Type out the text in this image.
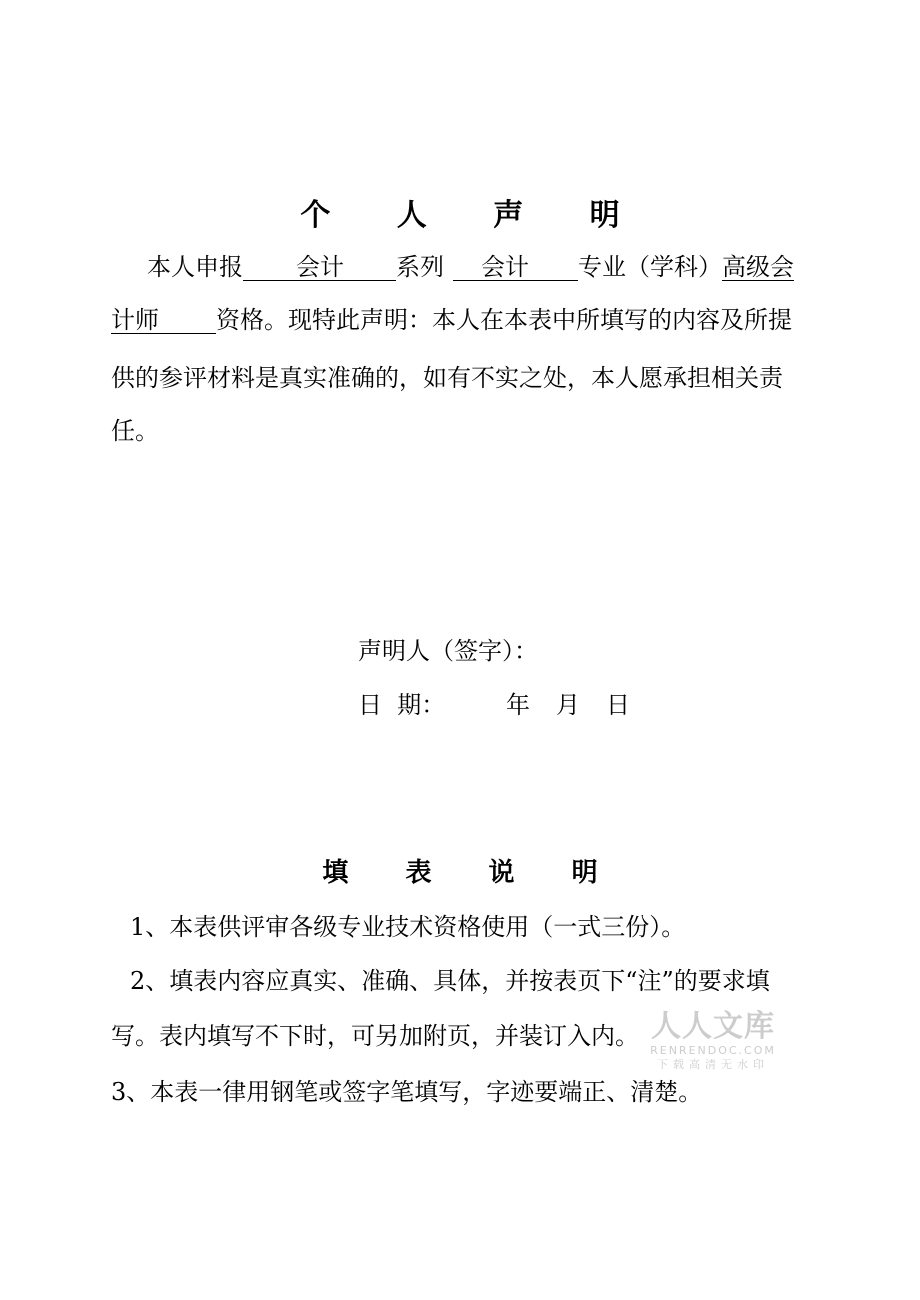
个 人 声 明

本人申报 会计 系列 会计 专业（学科）高级会

计师 资格。现特此声明：本人在本表中所填写的内容及所提

供的参评材料是真实准确的，如有不实之处，本人愿承担相关责

任。

声明人（签字）：
日  期：	年 月 日
填 表 说 明

1、本表供评审各级专业技术资格使用（一式三份）。

2、填表内容应真实、准确、具体，并按表页下“注”的要求填

写。表内填写不下时，可另加附页，并装订入内。

3、本表一律用钢笔或签字笔填写，字迹要端正、清楚。

人人文库
RENRENDOC.COM
下载高清无水印
